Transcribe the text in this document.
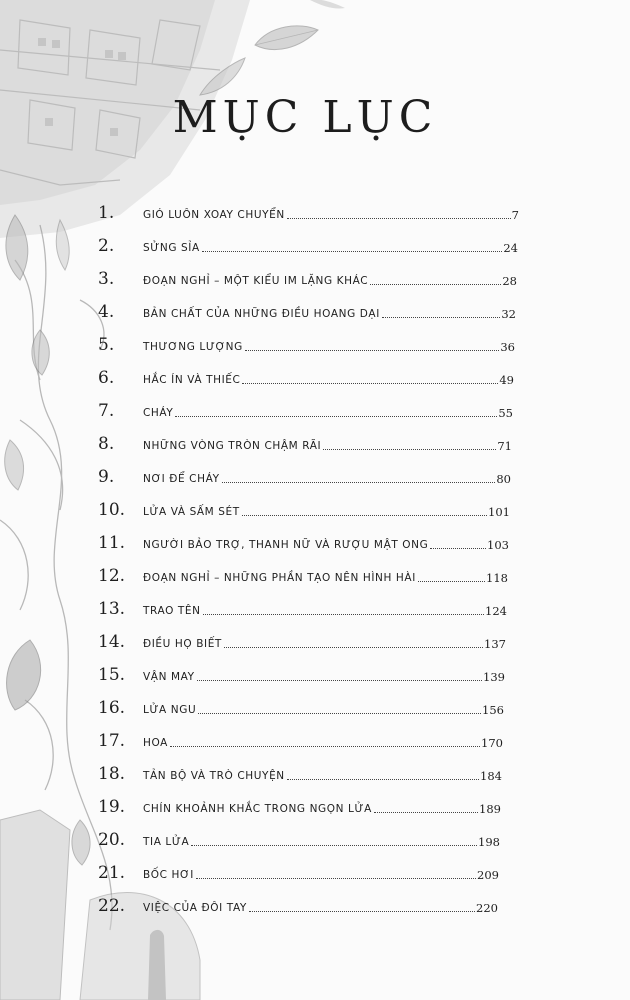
MỤC LỤC
1.	GIÓ LUÔN XOAY CHUYỂN	7
2.	SỬNG SỈA	24
3.	ĐOẠN NGHỈ – MỘT KIỂU IM LẶNG KHÁC	28
4.	BẢN CHẤT CỦA NHỮNG ĐIỀU HOANG DẠI	32
5.	THƯƠNG LƯỢNG	36
6.	HẮC ÍN VÀ THIẾC	49
7.	CHÁY	55
8.	NHỮNG VÒNG TRÒN CHẬM RÃI	71
9.	NƠI ĐỂ CHÁY	80
10.	LỬA VÀ SẤM SÉT	101
11.	NGƯỜI BẢO TRỢ, THANH NỮ VÀ RƯỢU MẬT ONG	103
12.	ĐOẠN NGHỈ – NHỮNG PHẦN TẠO NÊN HÌNH HÀI	118
13.	TRAO TÊN	124
14.	ĐIỀU HỌ BIẾT	137
15.	VẬN MAY	139
16.	LỬA NGU	156
17.	HOA	170
18.	TẢN BỘ VÀ TRÒ CHUYỆN	184
19.	CHÍN KHOẢNH KHẮC TRONG NGỌN LỬA	189
20.	TIA LỬA	198
21.	BỐC HƠI	209
22.	VIỆC CỦA ĐÔI TAY	220
